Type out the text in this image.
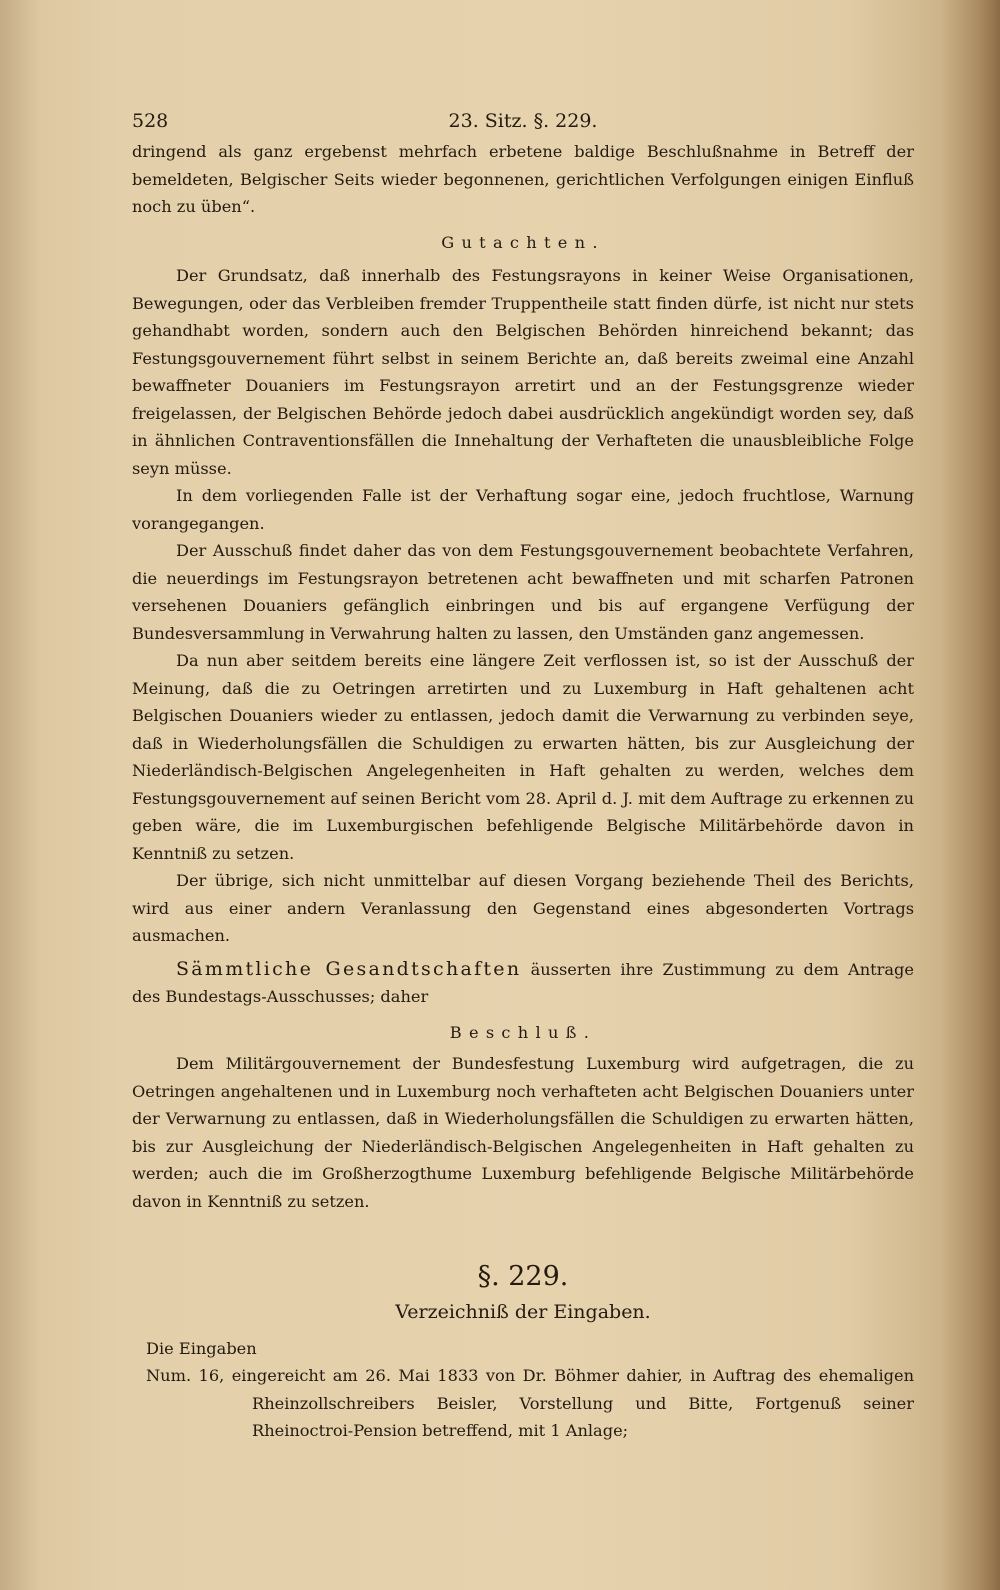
528	23. Sitz. §. 229.

dringend als ganz ergebenst mehrfach erbetene baldige Beschlußnahme in Betreff der bemeldeten, Belgischer Seits wieder begonnenen, gerichtlichen Verfolgungen einigen Einfluß noch zu üben“.

Gutachten.

Der Grundsatz, daß innerhalb des Festungsrayons in keiner Weise Organisationen, Bewegungen, oder das Verbleiben fremder Truppentheile statt finden dürfe, ist nicht nur stets gehandhabt worden, sondern auch den Belgischen Behörden hinreichend bekannt; das Festungsgouvernement führt selbst in seinem Berichte an, daß bereits zweimal eine Anzahl bewaffneter Douaniers im Festungsrayon arretirt und an der Festungsgrenze wieder freigelassen, der Belgischen Behörde jedoch dabei ausdrücklich angekündigt worden sey, daß in ähnlichen Contraventionsfällen die Innehaltung der Verhafteten die unausbleibliche Folge seyn müsse.

In dem vorliegenden Falle ist der Verhaftung sogar eine, jedoch fruchtlose, Warnung vorangegangen.

Der Ausschuß findet daher das von dem Festungsgouvernement beobachtete Verfahren, die neuerdings im Festungsrayon betretenen acht bewaffneten und mit scharfen Patronen versehenen Douaniers gefänglich einbringen und bis auf ergangene Verfügung der Bundesversammlung in Verwahrung halten zu lassen, den Umständen ganz angemessen.

Da nun aber seitdem bereits eine längere Zeit verflossen ist, so ist der Ausschuß der Meinung, daß die zu Oetringen arretirten und zu Luxemburg in Haft gehaltenen acht Belgischen Douaniers wieder zu entlassen, jedoch damit die Verwarnung zu verbinden seye, daß in Wiederholungsfällen die Schuldigen zu erwarten hätten, bis zur Ausgleichung der Niederländisch-Belgischen Angelegenheiten in Haft gehalten zu werden, welches dem Festungsgouvernement auf seinen Bericht vom 28. April d. J. mit dem Auftrage zu erkennen zu geben wäre, die im Luxemburgischen befehligende Belgische Militärbehörde davon in Kenntniß zu setzen.

Der übrige, sich nicht unmittelbar auf diesen Vorgang beziehende Theil des Berichts, wird aus einer andern Veranlassung den Gegenstand eines abgesonderten Vortrags ausmachen.

Sämmtliche Gesandtschaften äusserten ihre Zustimmung zu dem Antrage des Bundestags-Ausschusses; daher

Beschluß.

Dem Militärgouvernement der Bundesfestung Luxemburg wird aufgetragen, die zu Oetringen angehaltenen und in Luxemburg noch verhafteten acht Belgischen Douaniers unter der Verwarnung zu entlassen, daß in Wiederholungsfällen die Schuldigen zu erwarten hätten, bis zur Ausgleichung der Niederländisch-Belgischen Angelegenheiten in Haft gehalten zu werden; auch die im Großherzogthume Luxemburg befehligende Belgische Militärbehörde davon in Kenntniß zu setzen.

§. 229.
Verzeichniß der Eingaben.

Die Eingaben

Num. 16, eingereicht am 26. Mai 1833 von Dr. Böhmer dahier, in Auftrag des ehemaligen Rheinzollschreibers Beisler, Vorstellung und Bitte, Fortgenuß seiner Rheinoctroi-Pension betreffend, mit 1 Anlage;
